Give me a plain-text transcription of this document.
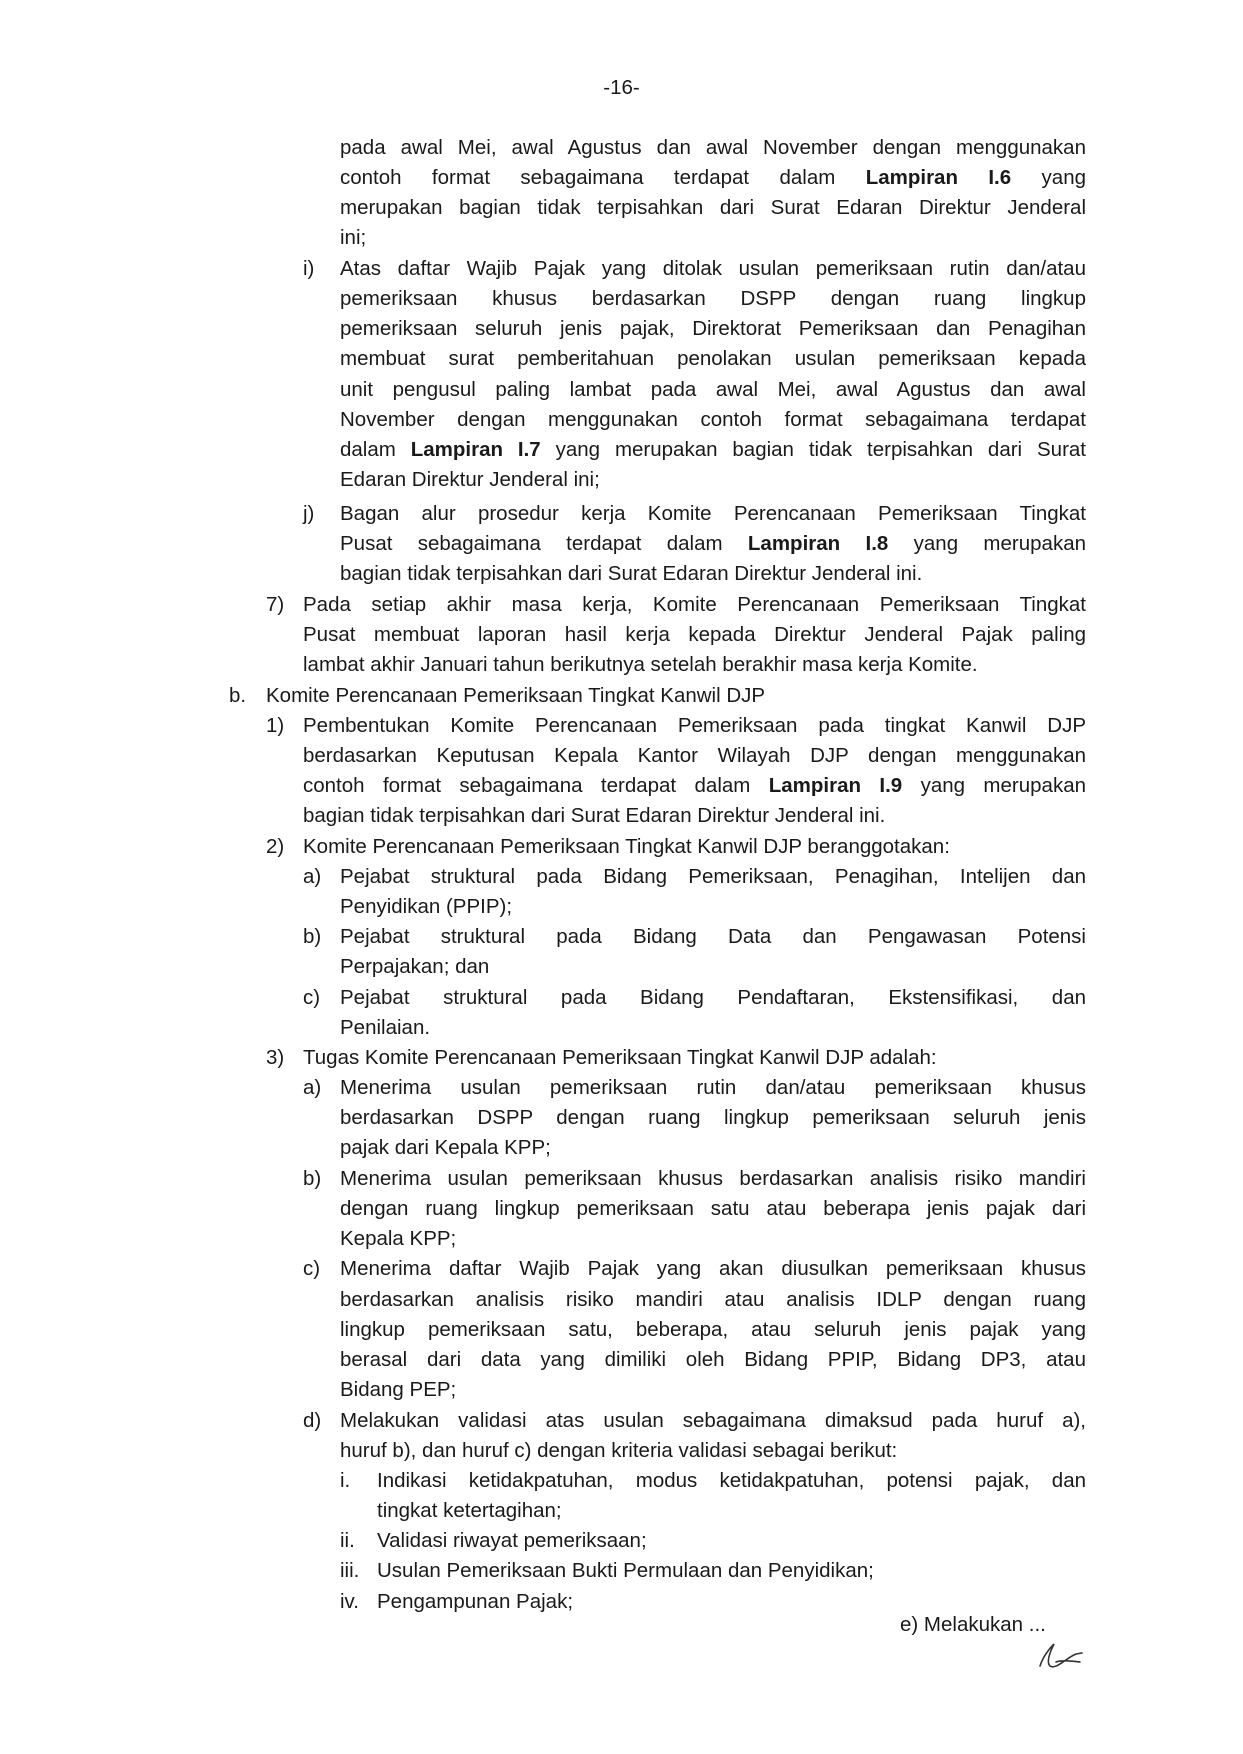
-16-
i)
j)
7)
b.
1)
2)
a)
b)
c)
3)
a)
b)
c)
d)
i.
ii.
iii.
iv.
pada awal Mei, awal Agustus dan awal November dengan menggunakan
contoh format sebagaimana terdapat dalam Lampiran I.6 yang
merupakan bagian tidak terpisahkan dari Surat Edaran Direktur Jenderal
ini;
Atas daftar Wajib Pajak yang ditolak usulan pemeriksaan rutin dan/atau
pemeriksaan khusus berdasarkan DSPP dengan ruang lingkup
pemeriksaan seluruh jenis pajak, Direktorat Pemeriksaan dan Penagihan
membuat surat pemberitahuan penolakan usulan pemeriksaan kepada
unit pengusul paling lambat pada awal Mei, awal Agustus dan awal
November dengan menggunakan contoh format sebagaimana terdapat
dalam Lampiran I.7 yang merupakan bagian tidak terpisahkan dari Surat
Edaran Direktur Jenderal ini;
Bagan alur prosedur kerja Komite Perencanaan Pemeriksaan Tingkat
Pusat sebagaimana terdapat dalam Lampiran I.8 yang merupakan
bagian tidak terpisahkan dari Surat Edaran Direktur Jenderal ini.
Pada setiap akhir masa kerja, Komite Perencanaan Pemeriksaan Tingkat
Pusat membuat laporan hasil kerja kepada Direktur Jenderal Pajak paling
lambat akhir Januari tahun berikutnya setelah berakhir masa kerja Komite.
Komite Perencanaan Pemeriksaan Tingkat Kanwil DJP
Pembentukan Komite Perencanaan Pemeriksaan pada tingkat Kanwil DJP
berdasarkan Keputusan Kepala Kantor Wilayah DJP dengan menggunakan
contoh format sebagaimana terdapat dalam Lampiran I.9 yang merupakan
bagian tidak terpisahkan dari Surat Edaran Direktur Jenderal ini.
Komite Perencanaan Pemeriksaan Tingkat Kanwil DJP beranggotakan:
Pejabat struktural pada Bidang Pemeriksaan, Penagihan, Intelijen dan
Penyidikan (PPIP);
Pejabat struktural pada Bidang Data dan Pengawasan Potensi
Perpajakan; dan
Pejabat struktural pada Bidang Pendaftaran, Ekstensifikasi, dan
Penilaian.
Tugas Komite Perencanaan Pemeriksaan Tingkat Kanwil DJP adalah:
Menerima usulan pemeriksaan rutin dan/atau pemeriksaan khusus
berdasarkan DSPP dengan ruang lingkup pemeriksaan seluruh jenis
pajak dari Kepala KPP;
Menerima usulan pemeriksaan khusus berdasarkan analisis risiko mandiri
dengan ruang lingkup pemeriksaan satu atau beberapa jenis pajak dari
Kepala KPP;
Menerima daftar Wajib Pajak yang akan diusulkan pemeriksaan khusus
berdasarkan analisis risiko mandiri atau analisis IDLP dengan ruang
lingkup pemeriksaan satu, beberapa, atau seluruh jenis pajak yang
berasal dari data yang dimiliki oleh Bidang PPIP, Bidang DP3, atau
Bidang PEP;
Melakukan validasi atas usulan sebagaimana dimaksud pada huruf a),
huruf b), dan huruf c) dengan kriteria validasi sebagai berikut:
Indikasi ketidakpatuhan, modus ketidakpatuhan, potensi pajak, dan
tingkat ketertagihan;
Validasi riwayat pemeriksaan;
Usulan Pemeriksaan Bukti Permulaan dan Penyidikan;
Pengampunan Pajak;
e) Melakukan ...
